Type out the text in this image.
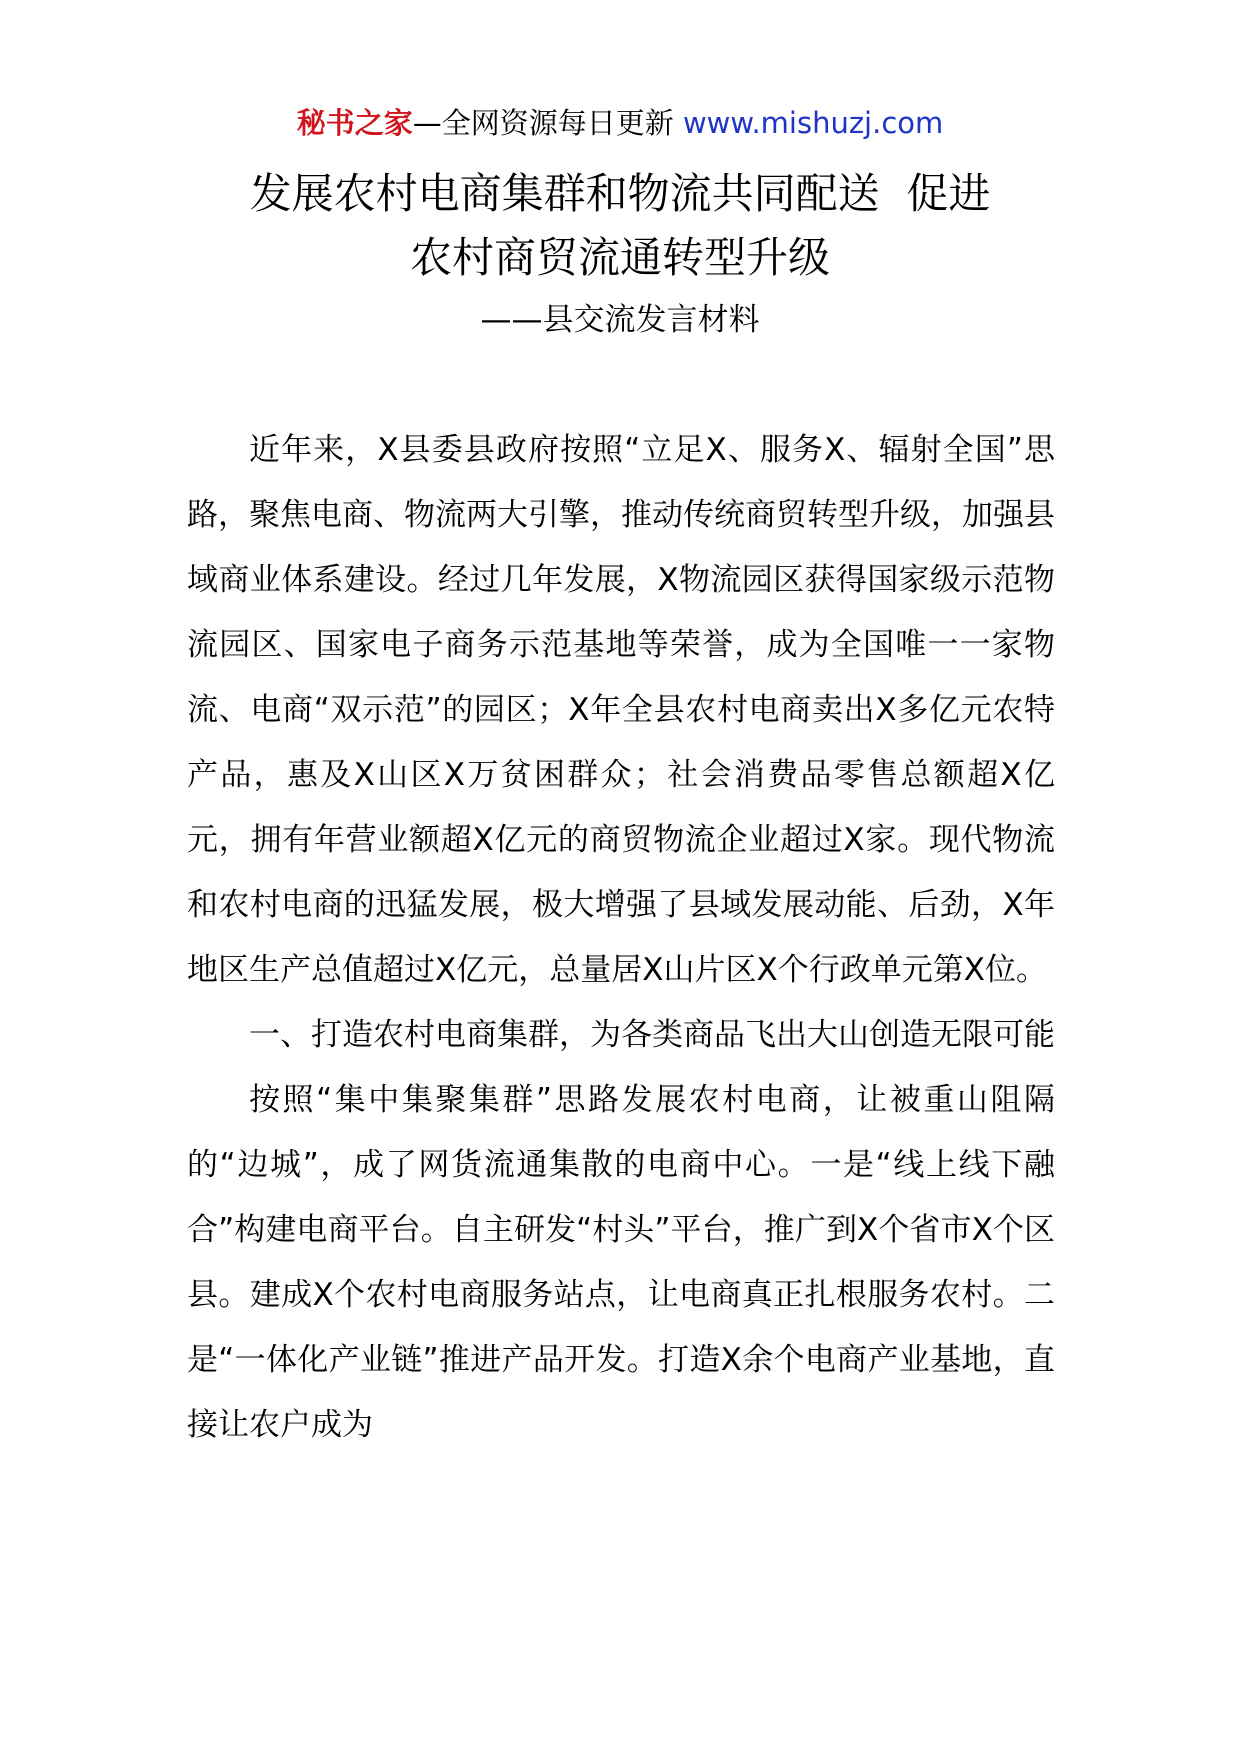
秘书之家—全网资源每日更新 www.mishuzj.com
发展农村电商集群和物流共同配送  促进
农村商贸流通转型升级
——县交流发言材料

近年来，X县委县政府按照“立足X、服务X、辐射全国”思路，聚焦电商、物流两大引擎，推动传统商贸转型升级，加强县域商业体系建设。经过几年发展，X物流园区获得国家级示范物流园区、国家电子商务示范基地等荣誉，成为全国唯一一家物流、电商“双示范”的园区；X年全县农村电商卖出X多亿元农特产品，惠及X山区X万贫困群众；社会消费品零售总额超X亿元，拥有年营业额超X亿元的商贸物流企业超过X家。现代物流和农村电商的迅猛发展，极大增强了县域发展动能、后劲，X年地区生产总值超过X亿元，总量居X山片区X个行政单元第X位。

一、打造农村电商集群，为各类商品飞出大山创造无限可能

按照“集中集聚集群”思路发展农村电商，让被重山阻隔的“边城”，成了网货流通集散的电商中心。一是“线上线下融合”构建电商平台。自主研发“村头”平台，推广到X个省市X个区县。建成X个农村电商服务站点，让电商真正扎根服务农村。二是“一体化产业链”推进产品开发。打造X余个电商产业基地，直接让农户成为
